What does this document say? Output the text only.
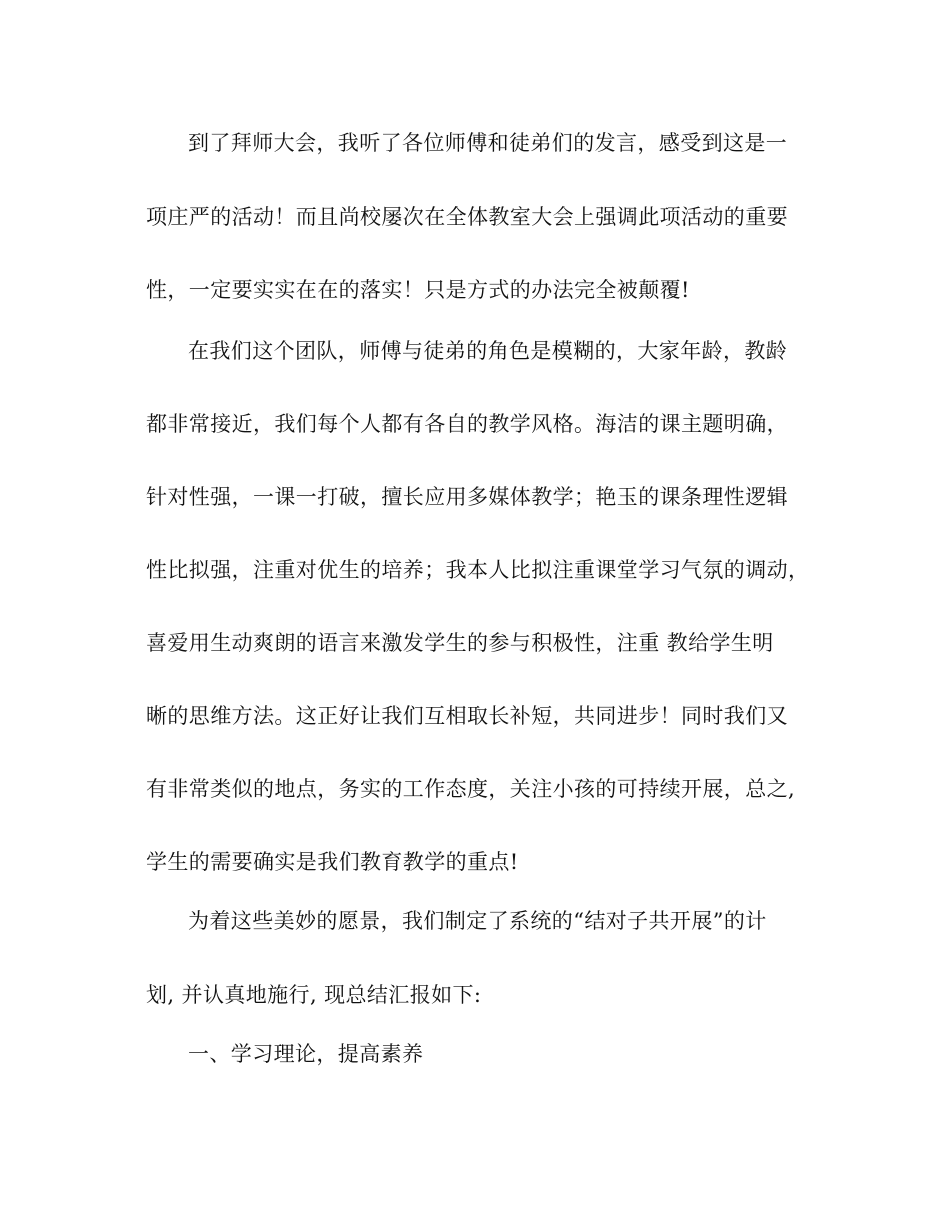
到了拜师大会，我听了各位师傅和徒弟们的发言，感受到这是一
项庄严的活动！而且尚校屡次在全体教室大会上强调此项活动的重要
性，一定要实实在在的落实！只是方式的办法完全被颠覆!
在我们这个团队，师傅与徒弟的角色是模糊的，大家年龄，教龄
都非常接近，我们每个人都有各自的教学风格。海洁的课主题明确，
针对性强，一课一打破，擅长应用多媒体教学；艳玉的课条理性逻辑
性比拟强，注重对优生的培养；我本人比拟注重课堂学习气氛的调动，
喜爱用生动爽朗的语言来激发学生的参与积极性，注重 教给学生明
晰的思维方法。这正好让我们互相取长补短，共同进步！同时我们又
有非常类似的地点，务实的工作态度，关注小孩的可持续开展，总之,
学生的需要确实是我们教育教学的重点!
为着这些美妙的愿景，我们制定了系统的“结对子共开展”的计
划, 并认真地施行, 现总结汇报如下:
一、学习理论，提高素养
